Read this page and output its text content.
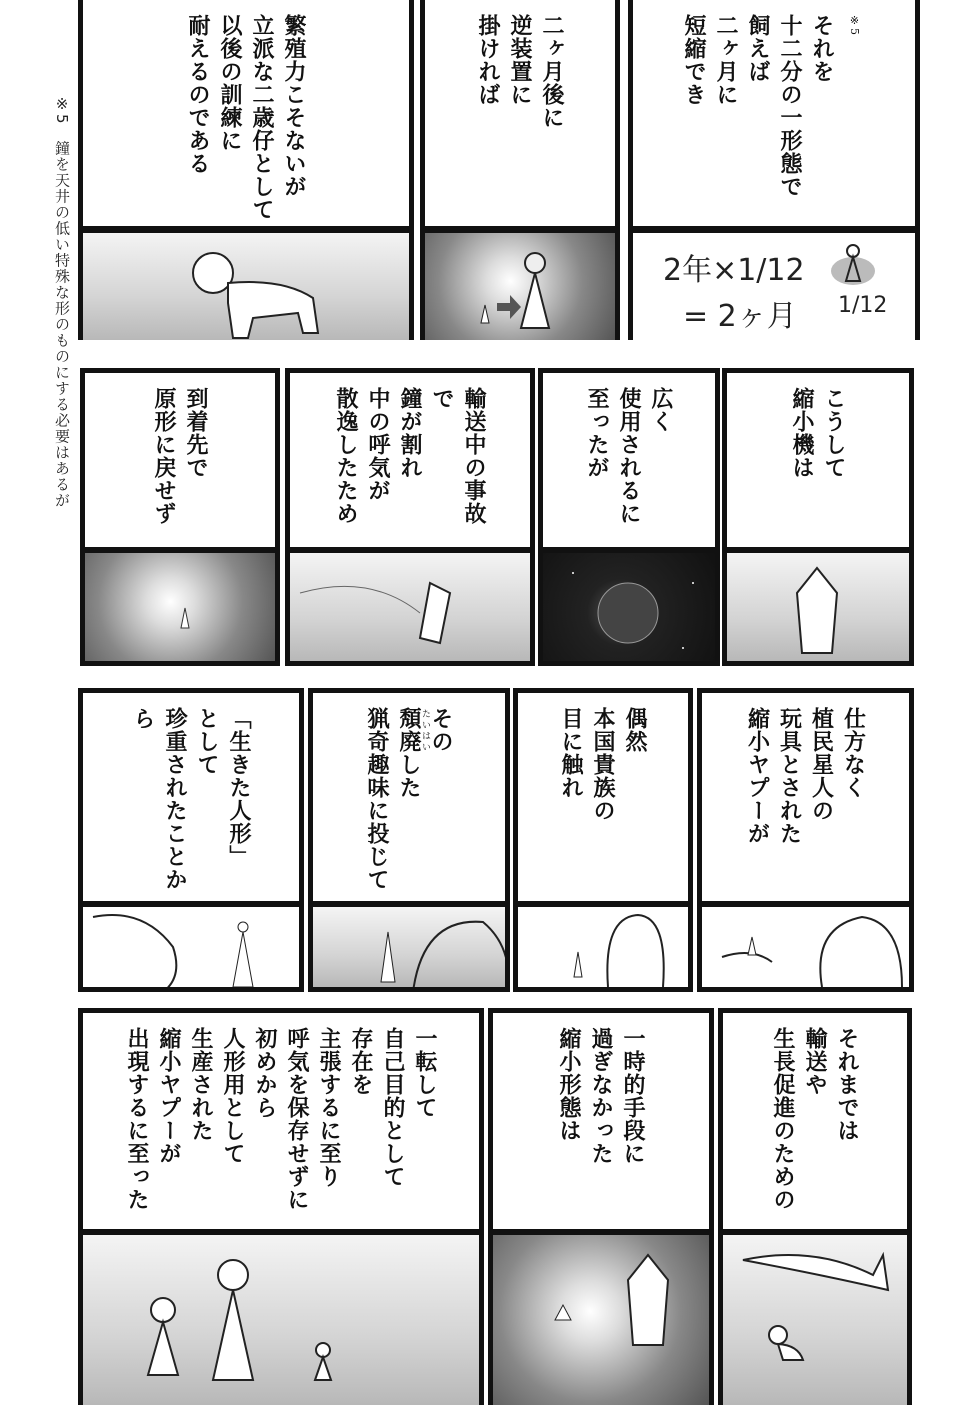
※5　鐘を天井の低い特殊な形のものにする必要はあるが
※5
それを
十二分の一形態で
飼えば
二ヶ月に
短縮でき
2年×1/12
= 2ヶ月 1/12
二ヶ月後に
逆装置に
掛ければ
繁殖力こそないが
立派な二歳仔として
以後の訓練に
耐えるのである
こうして
縮小機は
広く
使用されるに
至ったが
輸送中の事故で
鐘が割れ
中の呼気が
散逸したため
到着先で
原形に戻せず
仕方なく
植民星人の
玩具とされた
縮小ヤプーが
偶然
本国貴族の
目に触れ
その
頽廃した
たいはい
猟奇趣味に投じて
「生きた人形」
として
珍重されたことから
それまでは
輸送や
生長促進のための
一時的手段に
過ぎなかった
縮小形態は
一転して
自己目的として
存在を
主張するに至り
呼気を保存せずに
初めから
人形用として
生産された
縮小ヤプーが
出現するに至った
